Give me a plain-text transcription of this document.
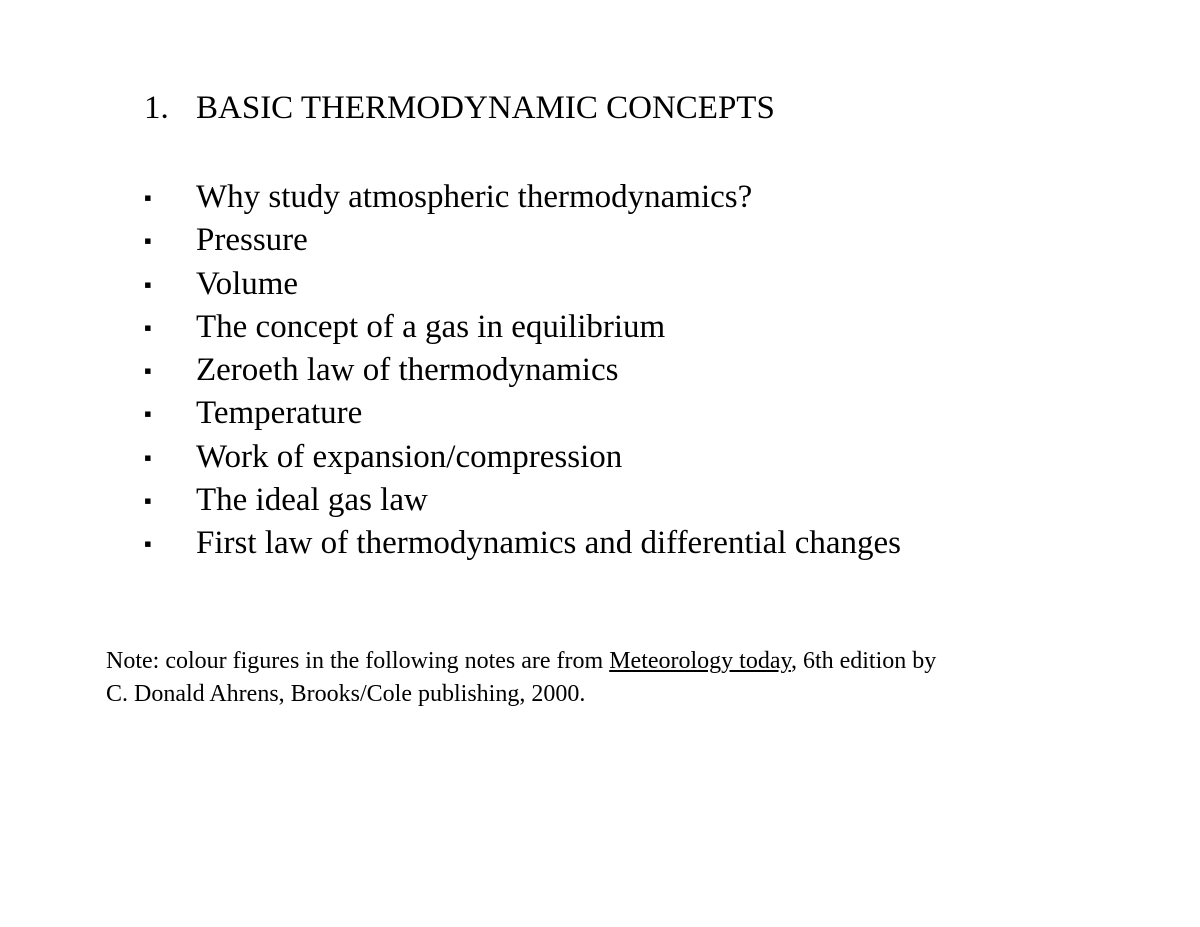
1. BASIC THERMODYNAMIC CONCEPTS
▪ Why study atmospheric thermodynamics?
▪ Pressure
▪ Volume
▪ The concept of a gas in equilibrium
▪ Zeroeth law of thermodynamics
▪ Temperature
▪ Work of expansion/compression
▪ The ideal gas law
▪ First law of thermodynamics and differential changes

Note: colour figures in the following notes are from Meteorology today, 6th edition by

C. Donald Ahrens, Brooks/Cole publishing, 2000.
